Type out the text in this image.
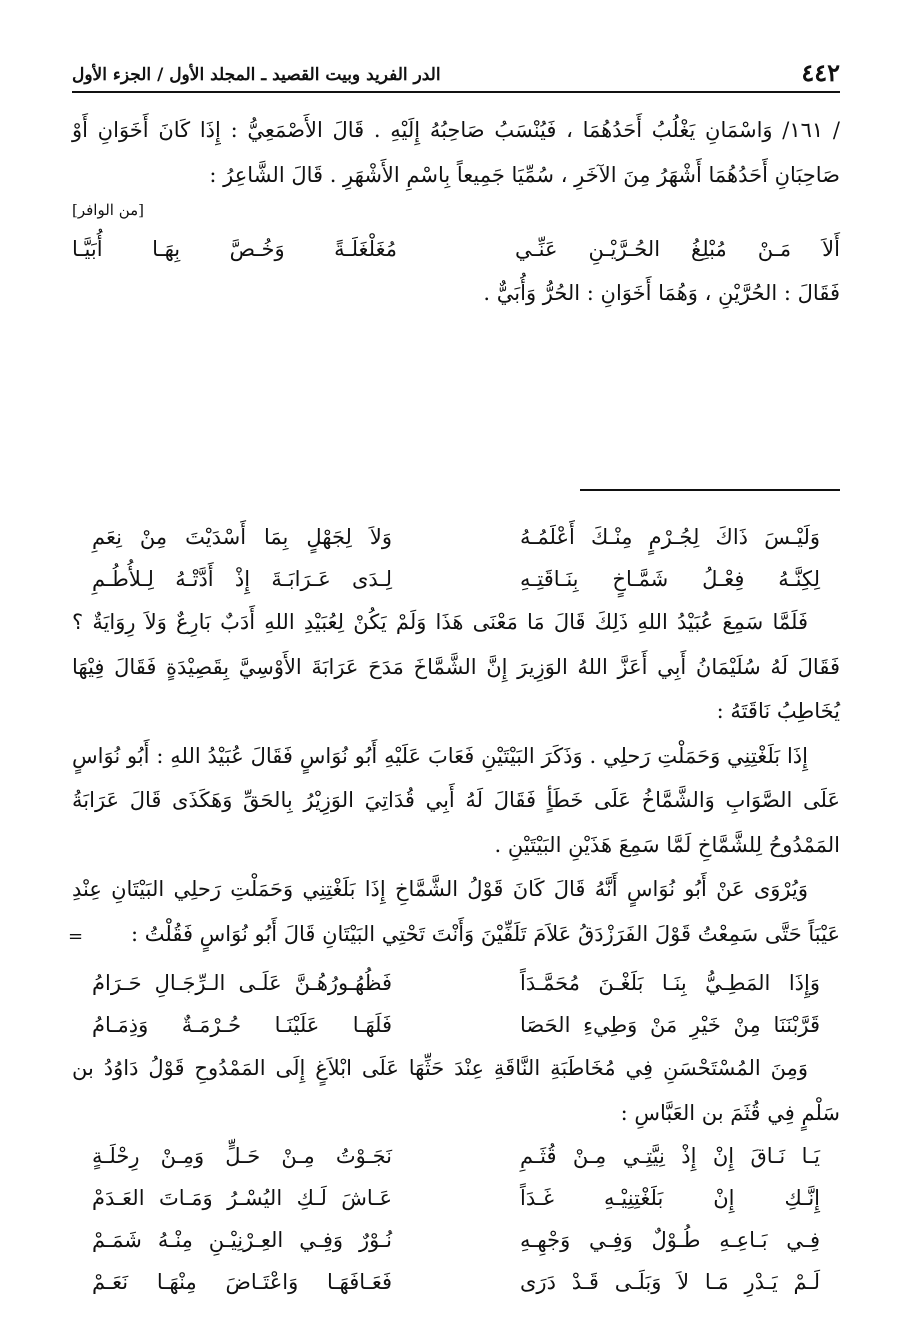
٤٤٢
الدر الفريد وبيت القصيد ـ المجلد الأول / الجزء الأول

/ ١٦١/ وَاسْمَانِ يَغْلُبُ أَحَدُهُمَا ، فَيُنْسَبُ صَاحِبُهُ إِلَيْهِ . قَالَ الأَصْمَعِيُّ : إِذَا كَانَ أَخَوَانِ أَوْ صَاحِبَانِ أَحَدُهُمَا أَشْهَرُ مِنَ الآخَرِ ، سُمِّيَا جَمِيعاً بِاسْمِ الأَشْهَرِ . قَالَ الشَّاعِرُ :

[من الوافر]
أَلاَ مَـنْ مُبْلِغُ الحُـرَّيْـنِ عَنِّـي
مُغَلْغَلَـةً وَخُـصَّ بِهَـا أُبَيَّـا

فَقَالَ : الحُرَّيْنِ ، وَهُمَا أَخَوَانِ : الحُرُّ وَأُبَيٌّ .

=
وَلَيْـسَ ذَاكَ لِجُـرْمٍ مِنْـكَ أَعْلَمُـهُ
وَلاَ لِجَهْلٍ بِمَا أَسْدَيْتَ مِنْ نِعَمِ
لِكِنَّـهُ فِعْـلُ شَمَّـاخٍ بِنَـاقَتِـهِ
لِـدَى عَـرَابَـةَ إِذْ أَدَّتْـهُ لِـلأُطُـمِ

فَلَمَّا سَمِعَ عُبَيْدُ اللهِ ذَلِكَ قَالَ مَا مَعْنَى هَذَا وَلَمْ يَكُنْ لِعُبَيْدِ اللهِ أَدَبٌ بَارِعٌ وَلاَ رِوَايَةٌ ؟ فَقَالَ لَهُ سُلَيْمَانُ أَبِي أَعَزَّ اللهُ الوَزِيرَ إِنَّ الشَّمَّاخَ مَدَحَ عَرَابَةَ الأَوْسِيَّ بِقَصِيْدَةٍ فَقَالَ فِيْهَا يُخَاطِبُ نَاقَتَهُ :

إِذَا بَلَغْتِنِي وَحَمَلْتِ رَحلِي . وَذَكَرَ البَيْتَيْنِ فَعَابَ عَلَيْهِ أَبُو نُوَاسٍ فَقَالَ عُبَيْدُ اللهِ : أَبُو نُوَاسٍ عَلَى الصَّوَابِ وَالشَّمَّاخُ عَلَى خَطَأٍ فَقَالَ لَهُ أَبِي قُدَاتِيَ الوَزِيْرُ بِالحَقِّ وَهَكَذَى قَالَ عَرَابَةُ المَمْدُوحُ لِلشَّمَّاخِ لَمَّا سَمِعَ هَذَيْنِ البَيْتَيْنِ .

وَيُرْوَى عَنْ أَبُو نُوَاسٍ أَنَّهُ قَالَ كَانَ قَوْلُ الشَّمَّاخِ إِذَا بَلَغْتِنِي وَحَمَلْتِ رَحلِي البَيْتَانِ عِنْدِ عَيْبَاً حَتَّى سَمِعْتُ قَوْلَ الفَرَزْدَقُ عَلاَمَ تَلَفِّيْنَ وَأَنْتَ تَحْتِي البَيْتَانِ قَالَ أَبُو نُوَاسٍ فَقُلْتُ :

وَإِذَا المَطِـيُّ بِنَـا بَلَغْـنَ مُحَمَّـدَاً
فَظُهُـورُهُـنَّ عَلَـى الـرِّجَـالِ حَـرَامُ
قَرَّبْنَنَا مِنْ خَيْرِ مَنْ وَطِيءِ الحَصَا
فَلَهَـا عَلَيْنَـا حُـرْمَـةٌ وَذِمَـامُ

وَمِنَ المُسْتَحْسَنِ فِي مُخَاطَبَةِ النَّاقَةِ عِنْدَ حَثِّهَا عَلَى ابْلاَغٍ إِلَى المَمْدُوحِ قَوْلُ دَاوُدُ بن سَلْمٍ فِي قُثَمَ بن العَبَّاسِ :

يَـا نَـاقَ إِنْ إِذْ نِيَّتِـي مِـنْ قُثَـمِ
نَجَـوْتُ مِـنْ حَـلٍّ وَمِـنْ رِحْلَـةٍ
إِنَّـكِ إِنْ بَلَغْتِنِيْـهِ غَـدَاً
عَـاشَ لَـكِ اليُسْـرُ وَمَـاتَ العَـدَمْ
فِـي بَـاعِـهِ طُـوْلٌ وَفِـي وَجْهِـهِ
نُـوْرٌ وَفِـي العِـرْنِيْـنِ مِنْـهُ شَمَـمْ
لَـمْ يَـدْرِ مَـا لاَ وَبَلَـى قَـدْ دَرَى
فَعَـافَهَـا وَاعْتَـاضَ مِنْهَـا نَعَـمْ
